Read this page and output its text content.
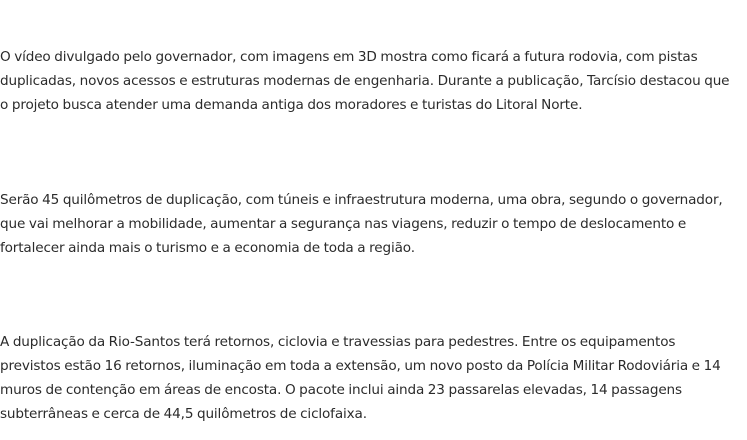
O vídeo divulgado pelo governador, com imagens em 3D mostra como ficará a futura rodovia, com pistas
duplicadas, novos acessos e estruturas modernas de engenharia. Durante a publicação, Tarcísio destacou que
o projeto busca atender uma demanda antiga dos moradores e turistas do Litoral Norte.

Serão 45 quilômetros de duplicação, com túneis e infraestrutura moderna, uma obra, segundo o governador,
que vai melhorar a mobilidade, aumentar a segurança nas viagens, reduzir o tempo de deslocamento e
fortalecer ainda mais o turismo e a economia de toda a região.

A duplicação da Rio-Santos terá retornos, ciclovia e travessias para pedestres. Entre os equipamentos
previstos estão 16 retornos, iluminação em toda a extensão, um novo posto da Polícia Militar Rodoviária e 14
muros de contenção em áreas de encosta. O pacote inclui ainda 23 passarelas elevadas, 14 passagens
subterrâneas e cerca de 44,5 quilômetros de ciclofaixa.
